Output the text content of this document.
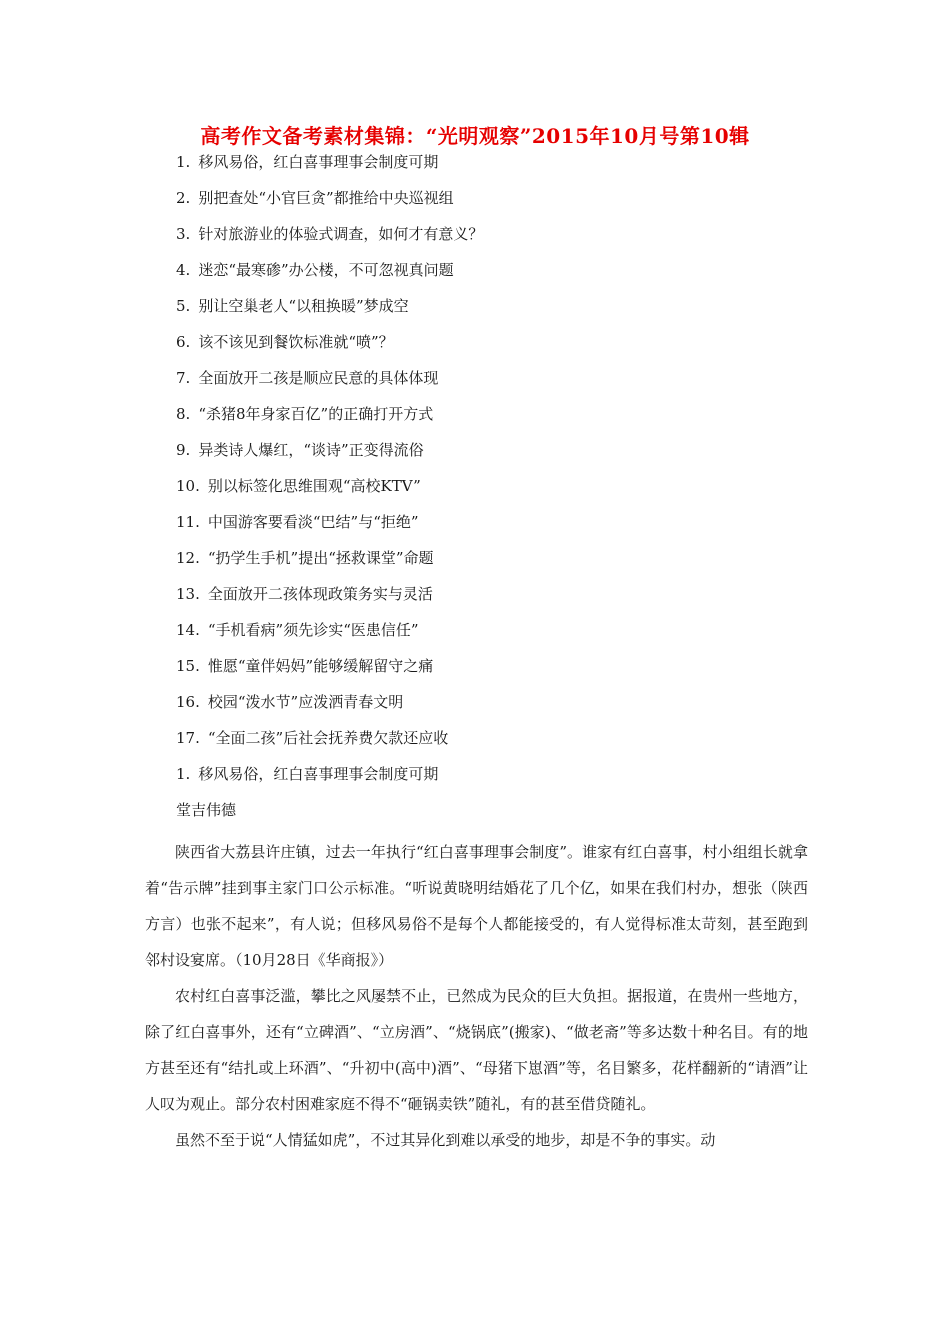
高考作文备考素材集锦：“光明观察”2015年10月号第10辑
1. 移风易俗，红白喜事理事会制度可期
2. 别把查处“小官巨贪”都推给中央巡视组
3. 针对旅游业的体验式调查，如何才有意义？
4. 迷恋“最寒碜”办公楼，不可忽视真问题
5. 别让空巢老人“以租换暖”梦成空
6. 该不该见到餐饮标准就“喷”？
7. 全面放开二孩是顺应民意的具体体现
8. “杀猪8年身家百亿”的正确打开方式
9. 异类诗人爆红，“谈诗”正变得流俗
10. 别以标签化思维围观“高校KTV”
11. 中国游客要看淡“巴结”与“拒绝”
12. “扔学生手机”提出“拯救课堂”命题
13. 全面放开二孩体现政策务实与灵活
14. “手机看病”须先诊实“医患信任”
15. 惟愿“童伴妈妈”能够缓解留守之痛
16. 校园“泼水节”应泼洒青春文明
17. “全面二孩”后社会抚养费欠款还应收
1. 移风易俗，红白喜事理事会制度可期
堂吉伟德

陕西省大荔县许庄镇，过去一年执行“红白喜事理事会制度”。谁家有红白喜事，村小组组长就拿着“告示牌”挂到事主家门口公示标准。“听说黄晓明结婚花了几个亿，如果在我们村办，想张（陕西方言）也张不起来”，有人说；但移风易俗不是每个人都能接受的，有人觉得标准太苛刻，甚至跑到邻村设宴席。（10月28日《华商报》）

农村红白喜事泛滥，攀比之风屡禁不止，已然成为民众的巨大负担。据报道，在贵州一些地方，除了红白喜事外，还有“立碑酒”、“立房酒”、“烧锅底”(搬家)、“做老斋”等多达数十种名目。有的地方甚至还有“结扎或上环酒”、“升初中(高中)酒”、“母猪下崽酒”等，名目繁多，花样翻新的“请酒”让人叹为观止。部分农村困难家庭不得不“砸锅卖铁”随礼，有的甚至借贷随礼。

虽然不至于说“人情猛如虎”，不过其异化到难以承受的地步，却是不争的事实。动
